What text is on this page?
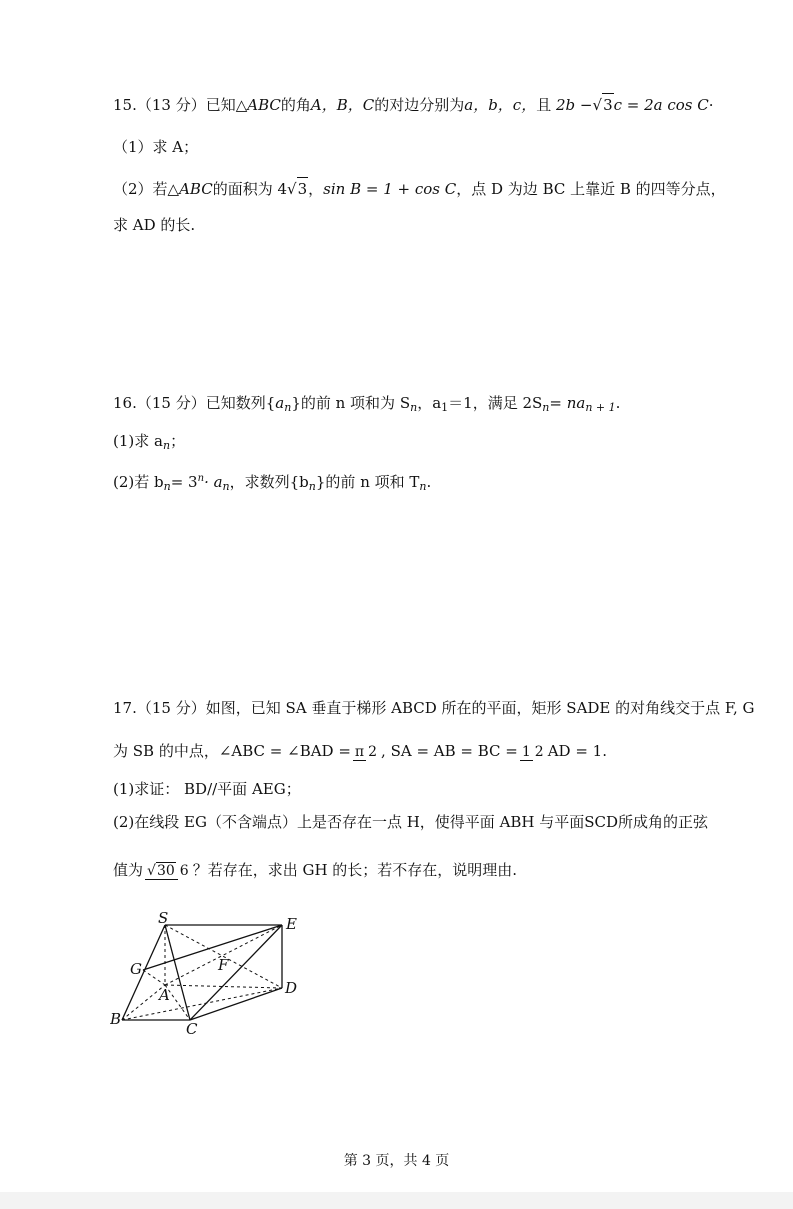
15.（13 分）已知△ABC的角A，B，C的对边分别为a，b，c，且 2b −√3c = 2a cos C·
（1）求 A；
（2）若△ABC的面积为 4√3，sin B = 1 + cos C，点 D 为边 BC 上靠近 B 的四等分点，
求 AD 的长.
16.（15 分）已知数列{an}的前 n 项和为 Sn，a1＝1，满足 2Sn= nan + 1.
(1)求 an；
(2)若 bn= 3n· an，求数列{bn}的前 n 项和 Tn.
17.（15 分）如图，已知 SA 垂直于梯形 ABCD 所在的平面，矩形 SADE 的对角线交于点 F, G
为 SB 的中点，∠ABC = ∠BAD =π 2 , SA = AB = BC =1 2 AD = 1.
(1)求证： BD//平面 AEG；
(2)在线段 EG（不含端点）上是否存在一点 H，使得平面 ABH 与平面SCD所成角的正弦
值为 √30 6 ？若存在，求出 GH 的长；若不存在，说明理由.
S	E
G	F
A	D
B
C
第 3 页，共 4 页
